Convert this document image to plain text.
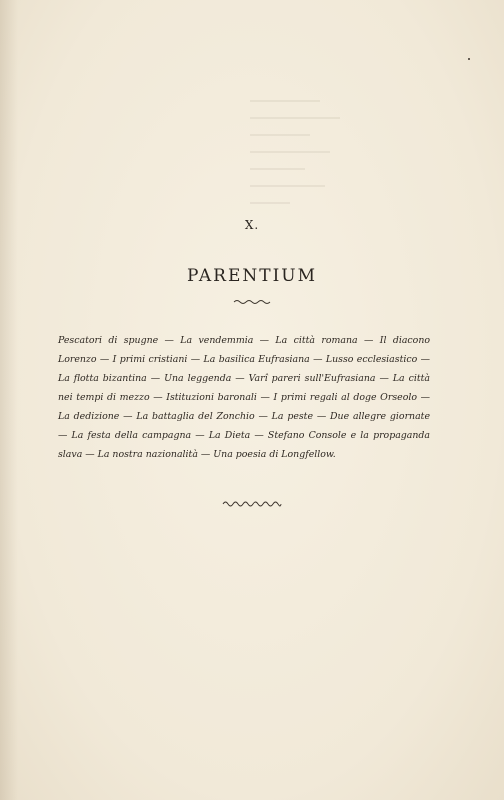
X.
PARENTIUM
Pescatori di spugne — La vendemmia — La città romana — Il diacono Lorenzo — I primi cristiani — La basilica Eufrasiana — Lusso ecclesiastico — La flotta bizantina — Una leggenda — Varî pareri sull'Eufrasiana — La città nei tempi di mezzo — Istituzioni baronali — I primi regali al doge Orseolo — La dedizione — La battaglia del Zonchio — La peste — Due allegre giornate — La festa della campagna — La Dieta — Stefano Console e la propaganda slava — La nostra nazionalità — Una poesia di Longfellow.
